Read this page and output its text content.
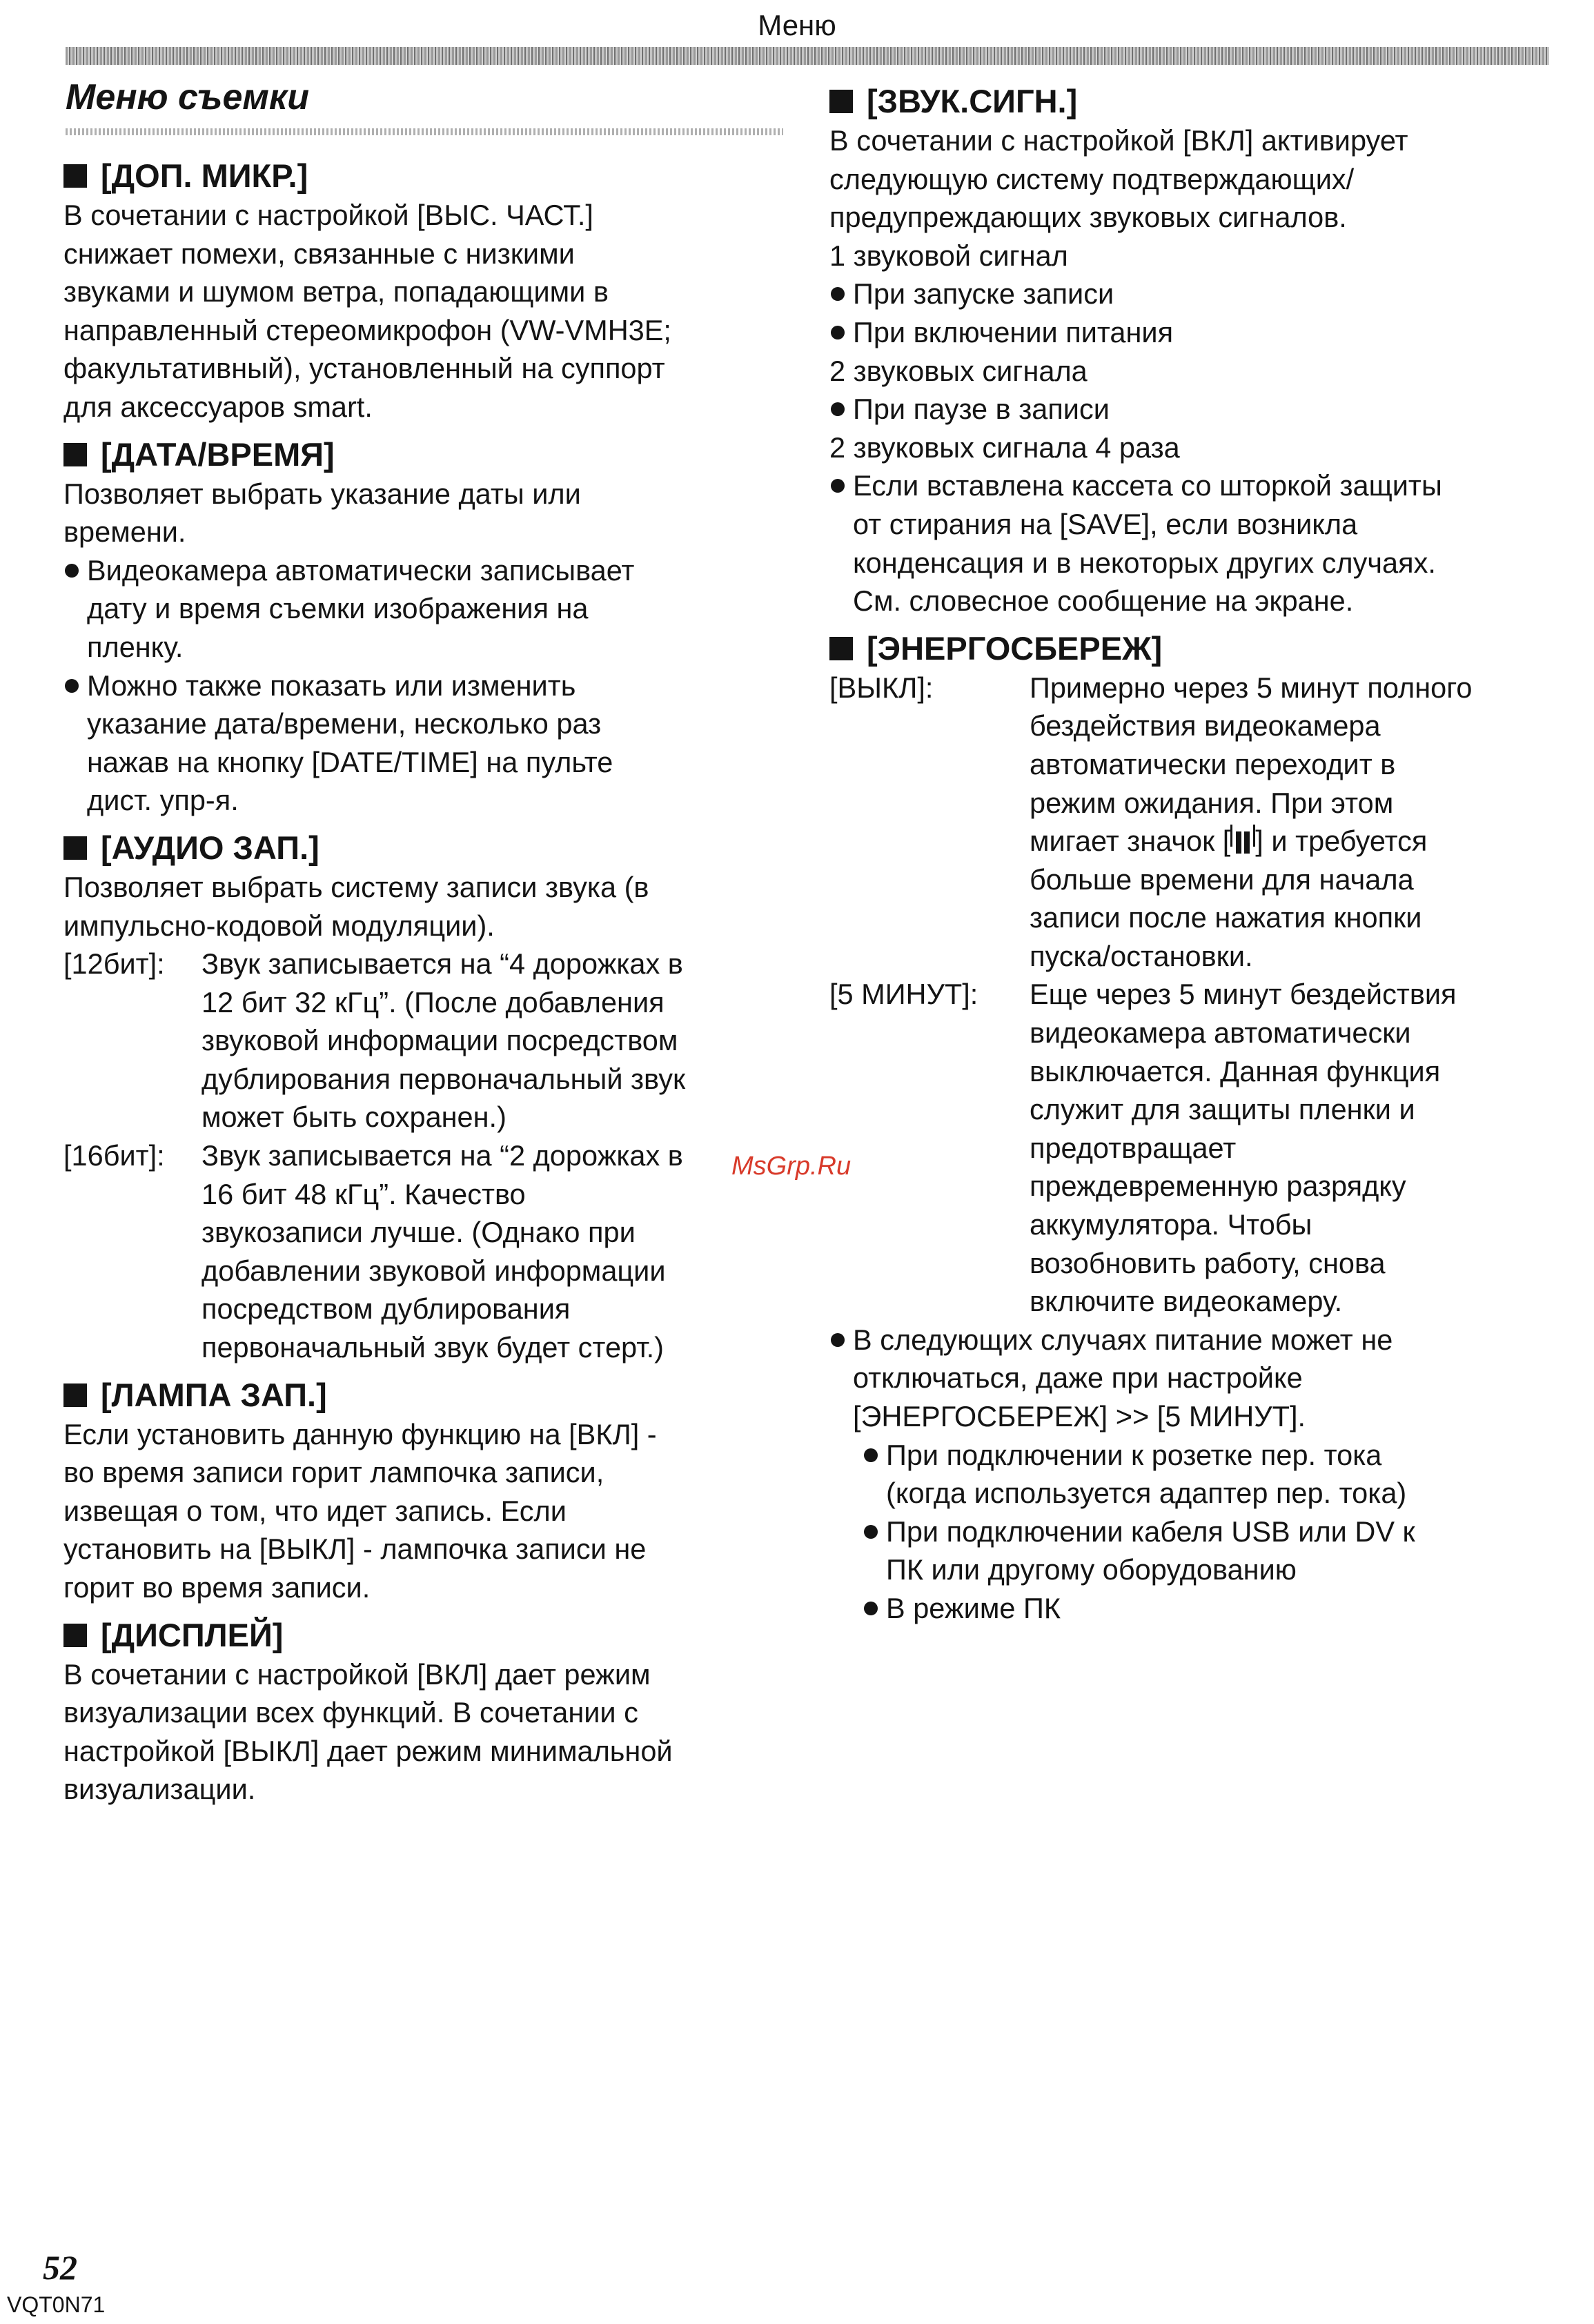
Меню
Меню съемки
[ДОП. МИКР.]
В сочетании с настройкой [ВЫС. ЧАСТ.]
снижает помехи, связанные с низкими
звуками и шумом ветра, попадающими в
направленный стереомикрофон (VW-VMH3E;
факультативный), установленный на суппорт
для аксессуаров smart.
[ДАТА/ВРЕМЯ]
Позволяет выбрать указание даты или
времени.
Видеокамера автоматически записывает
дату и время съемки изображения на
пленку.
Можно также показать или изменить
указание дата/времени, несколько раз
нажав на кнопку [DATE/TIME] на пульте
дист. упр-я.
[АУДИО ЗАП.]
Позволяет выбрать систему записи звука (в
импульсно-кодовой модуляции).
[12бит]:	Звук записывается на “4 дорожках в
12 бит 32 кГц”. (После добавления
звуковой информации посредством
дублирования первоначальный звук
может быть сохранен.)
[16бит]:	Звук записывается на “2 дорожках в
16 бит 48 кГц”. Качество
звукозаписи лучше. (Однако при
добавлении звуковой информации
посредством дублирования
первоначальный звук будет стерт.)
[ЛАМПА ЗАП.]
Если установить данную функцию на [ВКЛ] -
во время записи горит лампочка записи,
извещая о том, что идет запись. Если
установить на [ВЫКЛ] - лампочка записи не
горит во время записи.
[ДИСПЛЕЙ]
В сочетании с настройкой [ВКЛ] дает режим
визуализации всех функций. В сочетании с
настройкой [ВЫКЛ] дает режим минимальной
визуализации.
[ЗВУК.СИГН.]
В сочетании с настройкой [ВКЛ] активирует
следующую систему подтверждающих/
предупреждающих звуковых сигналов.
1 звуковой сигнал
При запуске записи
При включении питания
2 звуковых сигнала
При паузе в записи
2 звуковых сигнала 4 раза
Если вставлена кассета со шторкой защиты
от стирания на [SAVE], если возникла
конденсация и в некоторых других случаях.
См. словесное сообщение на экране.
[ЭНЕРГОСБЕРЕЖ]
[ВЫКЛ]:	Примерно через 5 минут полного
бездействия видеокамера
автоматически переходит в
режим ожидания. При этом
мигает значок [ ] и требуется
больше времени для начала
записи после нажатия кнопки
пуска/остановки.
[5 МИНУТ]:	Еще через 5 минут бездействия
видеокамера автоматически
выключается. Данная функция
служит для защиты пленки и
предотвращает
преждевременную разрядку
аккумулятора. Чтобы
возобновить работу, снова
включите видеокамеру.
В следующих случаях питание может не
отключаться, даже при настройке
[ЭНЕРГОСБЕРЕЖ] >> [5 МИНУТ].
При подключении к розетке пер. тока
(когда используется адаптер пер. тока)
При подключении кабеля USB или DV к
ПК или другому оборудованию
В режиме ПК
MsGrp.Ru
52
VQT0N71
